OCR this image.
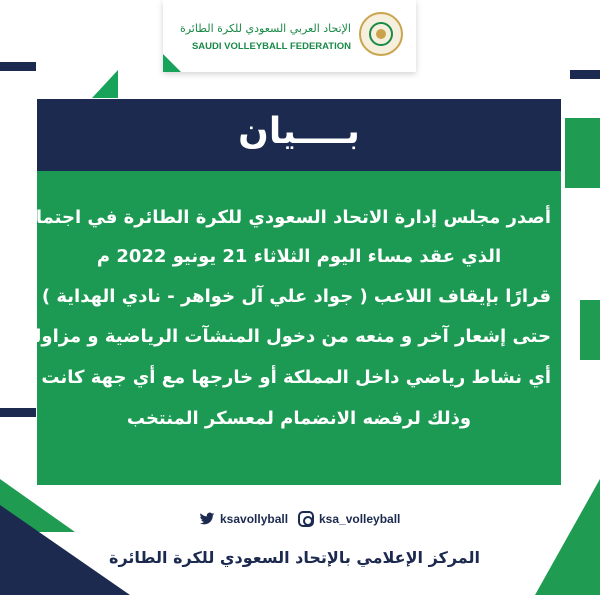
الإتحاد العربي السعودي للكرة الطائرة
SAUDI VOLLEYBALL FEDERATION
بــــيان
أصدر مجلس إدارة الاتحاد السعودي للكرة الطائرة في اجتماعه
الذي عقد مساء اليوم الثلاثاء 21 يونيو 2022 م
قرارًا بإيقاف اللاعب ( جواد علي آل خواهر - نادي الهداية )
حتى إشعار آخر و منعه من دخول المنشآت الرياضية و مزاولة
أي نشاط رياضي داخل المملكة أو خارجها مع أي جهة كانت
وذلك لرفضه الانضمام لمعسكر المنتخب
ksavollyball	ksa_volleyball
المركز الإعلامي بالإتحاد السعودي للكرة الطائرة
